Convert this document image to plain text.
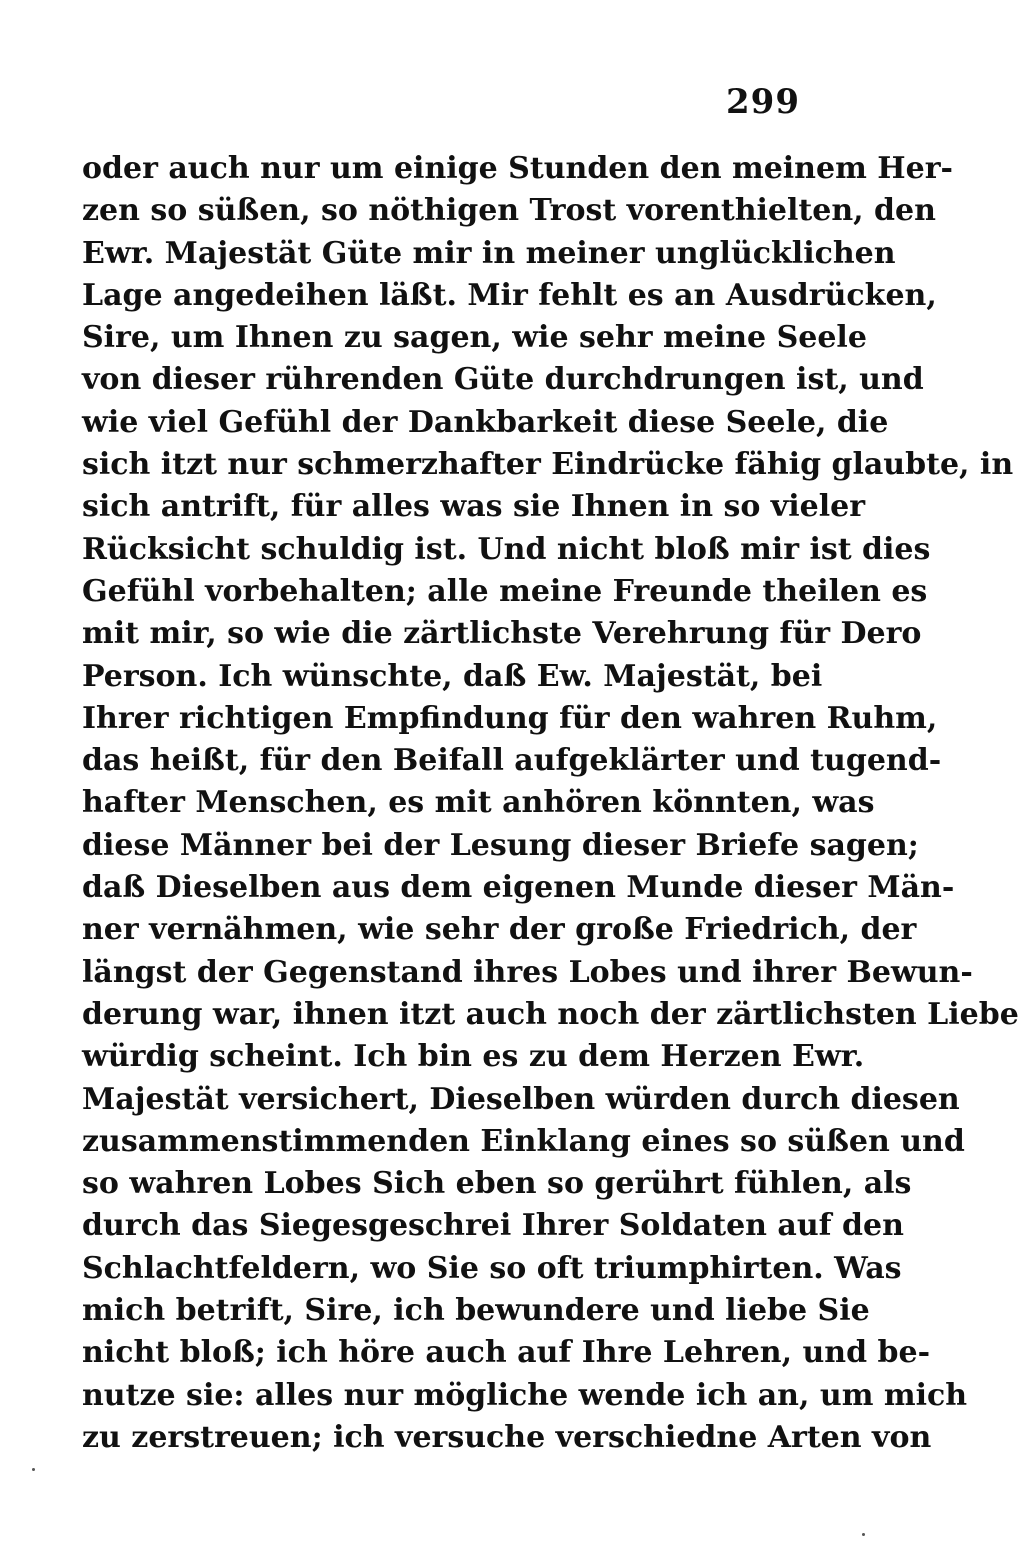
299
oder auch nur um einige Stunden den meinem Her-
zen so süßen, so nöthigen Trost vorenthielten, den
Ewr. Majestät Güte mir in meiner unglücklichen
Lage angedeihen läßt. Mir fehlt es an Ausdrücken,
Sire, um Ihnen zu sagen, wie sehr meine Seele
von dieser rührenden Güte durchdrungen ist, und
wie viel Gefühl der Dankbarkeit diese Seele, die
sich itzt nur schmerzhafter Eindrücke fähig glaubte, in
sich antrift, für alles was sie Ihnen in so vieler
Rücksicht schuldig ist. Und nicht bloß mir ist dies
Gefühl vorbehalten; alle meine Freunde theilen es
mit mir, so wie die zärtlichste Verehrung für Dero
Person. Ich wünschte, daß Ew. Majestät, bei
Ihrer richtigen Empfindung für den wahren Ruhm,
das heißt, für den Beifall aufgeklärter und tugend-
hafter Menschen, es mit anhören könnten, was
diese Männer bei der Lesung dieser Briefe sagen;
daß Dieselben aus dem eigenen Munde dieser Män-
ner vernähmen, wie sehr der große Friedrich, der
längst der Gegenstand ihres Lobes und ihrer Bewun-
derung war, ihnen itzt auch noch der zärtlichsten Liebe
würdig scheint. Ich bin es zu dem Herzen Ewr.
Majestät versichert, Dieselben würden durch diesen
zusammenstimmenden Einklang eines so süßen und
so wahren Lobes Sich eben so gerührt fühlen, als
durch das Siegesgeschrei Ihrer Soldaten auf den
Schlachtfeldern, wo Sie so oft triumphirten. Was
mich betrift, Sire, ich bewundere und liebe Sie
nicht bloß; ich höre auch auf Ihre Lehren, und be-
nutze sie: alles nur mögliche wende ich an, um mich
zu zerstreuen; ich versuche verschiedne Arten von
